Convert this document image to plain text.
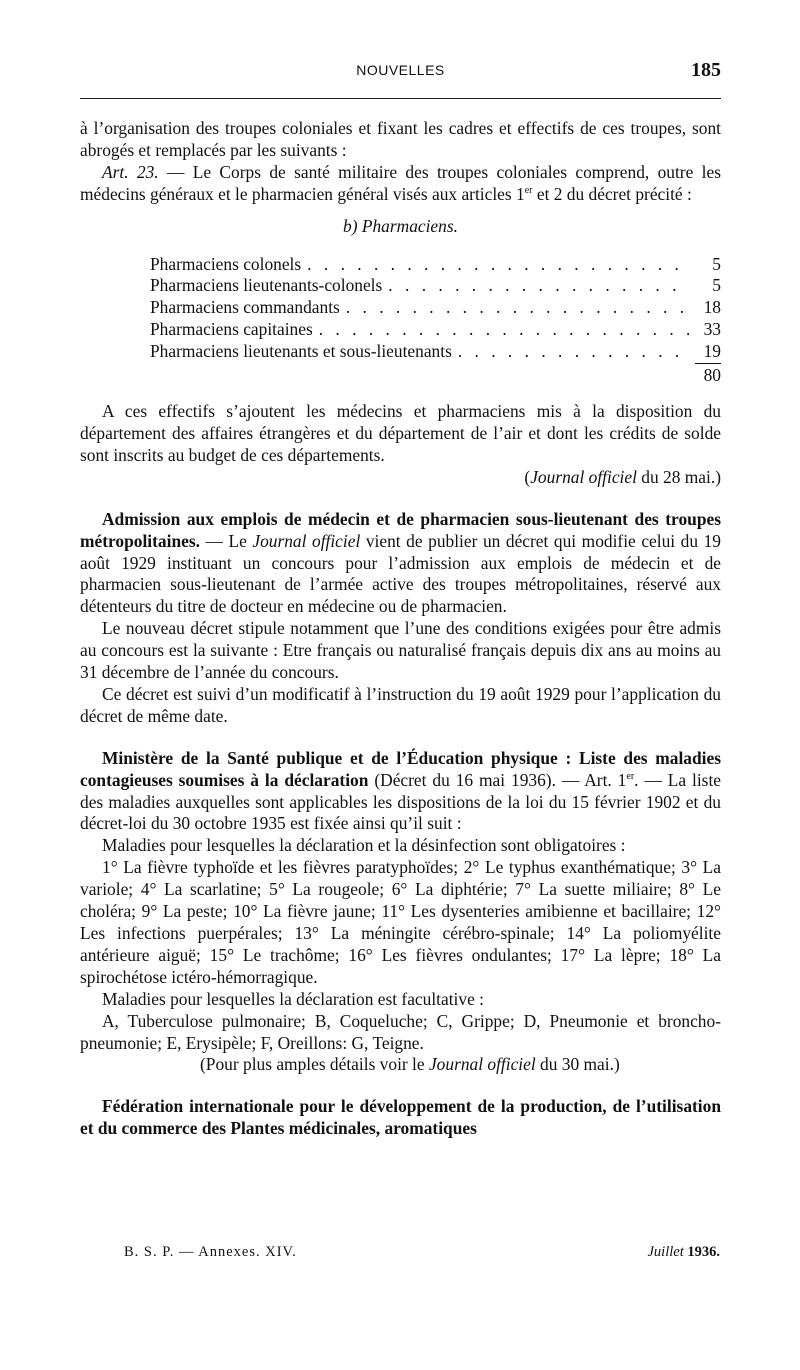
NOUVELLES	185

à l’organisation des troupes coloniales et fixant les cadres et effectifs de ces troupes, sont abrogés et remplacés par les suivants :

Art. 23. — Le Corps de santé militaire des troupes coloniales comprend, outre les médecins généraux et le pharmacien général visés aux articles 1er et 2 du décret précité :

b) Pharmaciens.

Pharmaciens colonels . . .	5
Pharmaciens lieutenants-colonels . . .	5
Pharmaciens commandants . . .	18
Pharmaciens capitaines . . .	33
Pharmaciens lieutenants et sous-lieutenants . . .	19
80

A ces effectifs s’ajoutent les médecins et pharmaciens mis à la disposition du département des affaires étrangères et du département de l’air et dont les crédits de solde sont inscrits au budget de ces départements.

(Journal officiel du 28 mai.)

Admission aux emplois de médecin et de pharmacien sous-lieutenant des troupes métropolitaines. — Le Journal officiel vient de publier un décret qui modifie celui du 19 août 1929 instituant un concours pour l’admission aux emplois de médecin et de pharmacien sous-lieutenant de l’armée active des troupes métropolitaines, réservé aux détenteurs du titre de docteur en médecine ou de pharmacien.

Le nouveau décret stipule notamment que l’une des conditions exigées pour être admis au concours est la suivante : Etre français ou naturalisé français depuis dix ans au moins au 31 décembre de l’année du concours.

Ce décret est suivi d’un modificatif à l’instruction du 19 août 1929 pour l’application du décret de même date.

Ministère de la Santé publique et de l’Éducation physique : Liste des maladies contagieuses soumises à la déclaration (Décret du 16 mai 1936). — Art. 1er. — La liste des maladies auxquelles sont applicables les dispositions de la loi du 15 février 1902 et du décret-loi du 30 octobre 1935 est fixée ainsi qu’il suit :

Maladies pour lesquelles la déclaration et la désinfection sont obligatoires :

1° La fièvre typhoïde et les fièvres paratyphoïdes; 2° Le typhus exanthématique; 3° La variole; 4° La scarlatine; 5° La rougeole; 6° La diphtérie; 7° La suette miliaire; 8° Le choléra; 9° La peste; 10° La fièvre jaune; 11° Les dysenteries amibienne et bacillaire; 12° Les infections puerpérales; 13° La méningite cérébro-spinale; 14° La poliomyélite antérieure aiguë; 15° Le trachôme; 16° Les fièvres ondulantes; 17° La lèpre; 18° La spirochétose ictéro-hémorragique.

Maladies pour lesquelles la déclaration est facultative :

A, Tuberculose pulmonaire; B, Coqueluche; C, Grippe; D, Pneumonie et broncho-pneumonie; E, Erysipèle; F, Oreillons: G, Teigne.

(Pour plus amples détails voir le Journal officiel du 30 mai.)

Fédération internationale pour le développement de la production, de l’utilisation et du commerce des Plantes médicinales, aromatiques

B. S. P. — Annexes. XIV.	Juillet 1936.
